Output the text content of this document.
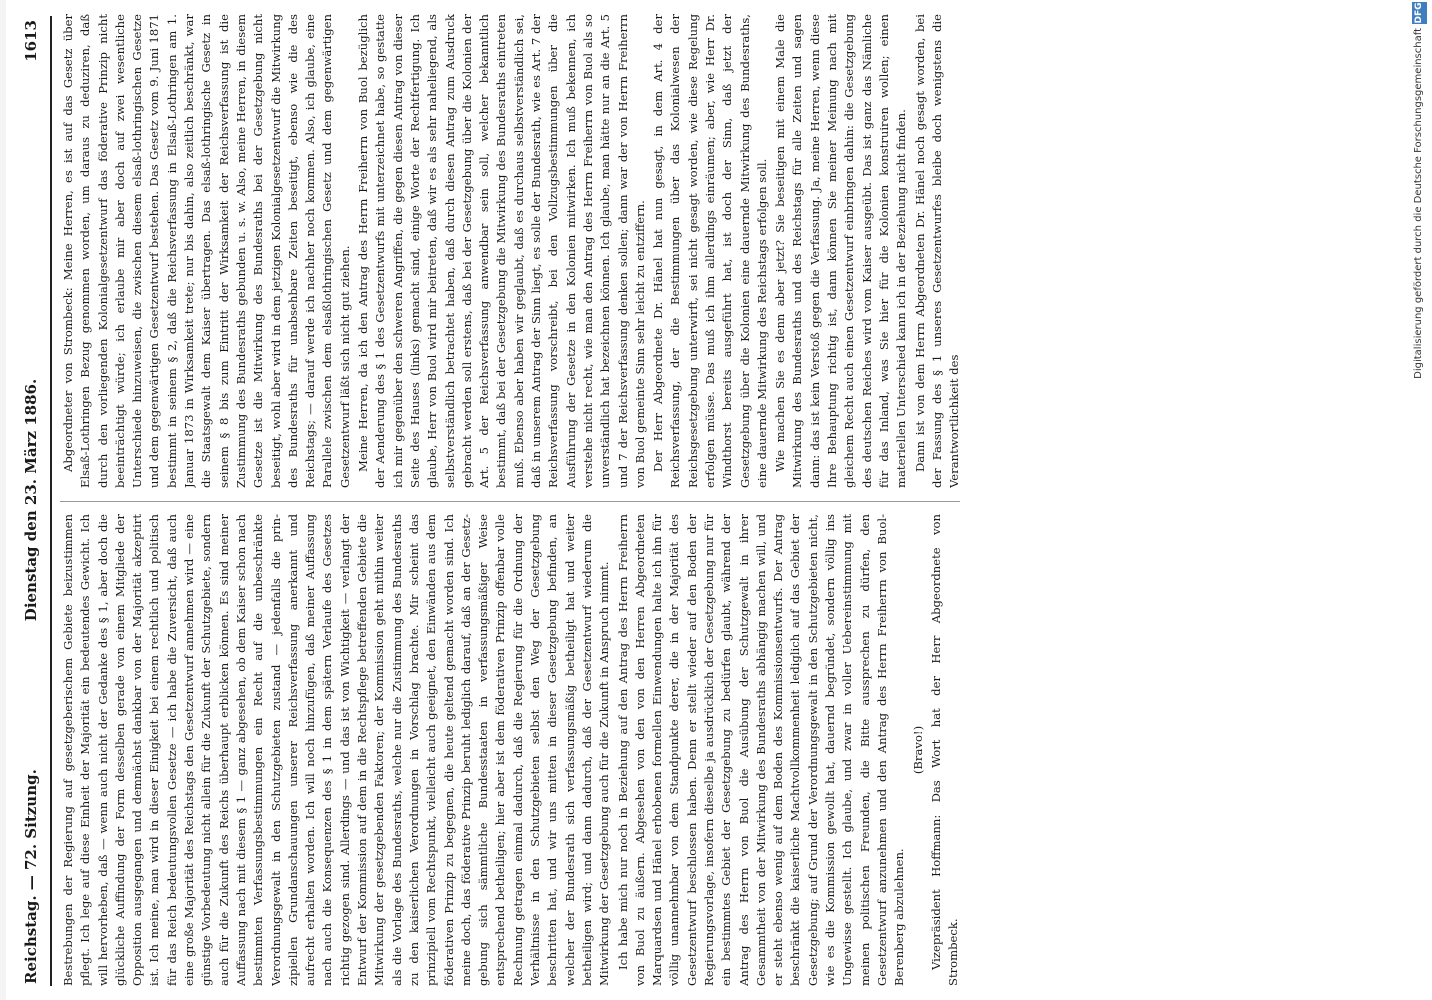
Reichstag. — 72. Sitzung.
Dienstag den 23. März 1886.
1613

Bestrebungen der Regierung auf gesetzgeberischem Gebiete beizustimmen pflegt. Ich lege auf diese Einheit der Majorität ein bedeutendes Gewicht. Ich will hervorheben, daß — wenn auch nicht der Gedanke des § 1, aber doch die glückliche Auffindung der Form desselben gerade von einem Mitgliede der Opposition ausgegangen und demnächst dankbar von der Majorität akzeptirt ist. Ich meine, man wird in dieser Einigkeit bei einem rechtlich und politisch für das Reich bedeutungsvollen Gesetze — ich habe die Zuversicht, daß auch eine große Majorität des Reichstags den Gesetzentwurf annehmen wird — eine günstige Vorbedeutung nicht allein für die Zukunft der Schutzgebiete, sondern auch für die Zukunft des Reichs überhaupt erblicken können. Es sind meiner Auffassung nach mit diesem § 1 — ganz abgesehen, ob dem Kaiser schon nach bestimmten Verfassungsbestimmungen ein Recht auf die unbeschränkte Verordnungsgewalt in den Schutzgebieten zustand — jedenfalls die prinzipiellen Grundanschauungen unserer Reichsverfassung anerkannt und aufrecht erhalten worden. Ich will noch hinzufügen, daß meiner Auffassung nach auch die Konsequenzen des § 1 in dem spätern Verlaufe des Gesetzes richtig gezogen sind. Allerdings — und das ist von Wichtigkeit — verlangt der Entwurf der Kommission auf dem in die Rechtspflege betreffenden Gebiete die Mitwirkung der gesetzgebenden Faktoren; der Kommission geht mithin weiter als die Vorlage des Bundesraths, welche nur die Zustimmung des Bundesraths zu den kaiserlichen Verordnungen in Vorschlag brachte. Mir scheint das prinzipiell vom Rechtspunkt, vielleicht auch geeignet, den Einwänden aus dem föderativen Prinzip zu begegnen, die heute geltend gemacht worden sind. Ich meine doch, das föderative Prinzip beruht lediglich darauf, daß an der Gesetzgebung sich sämmtliche Bundesstaaten in verfassungsmäßiger Weise entsprechend betheiligen; hier aber ist dem föderativen Prinzip offenbar volle Rechnung getragen einmal dadurch, daß die Regierung für die Ordnung der Verhältnisse in den Schutzgebieten selbst den Weg der Gesetzgebung beschritten hat, und wir uns mitten in dieser Gesetzgebung befinden, an welcher der Bundesrath sich verfassungsmäßig betheiligt hat und weiter betheiligen wird; und dann dadurch, daß der Gesetzentwurf wiederum die Mitwirkung der Gesetzgebung auch für die Zukunft in Anspruch nimmt. Ich habe mich nur noch in Beziehung auf den Antrag des Herrn Freiherrn von Buol zu äußern. Abgesehen von den von den Herren Abgeordneten Marquardsen und Hänel erhobenen formellen Einwendungen halte ich ihn für völlig unannehmbar von dem Standpunkte derer, die in der Majorität des Gesetzentwurf beschlossen haben. Denn er stellt wieder auf den Boden der Regierungsvorlage, insofern dieselbe ja ausdrücklich der Gesetzgebung nur für ein bestimmtes Gebiet der Gesetzgebung zu bedürfen glaubt, während der Antrag des Herrn von Buol die Ausübung der Schutzgewalt in ihrer Gesammtheit von der Mitwirkung des Bundesraths abhängig machen will, und er steht ebenso wenig auf dem Boden des Kommissionsentwurfs. Der Antrag beschränkt die kaiserliche Machtvollkommenheit lediglich auf das Gebiet der Gesetzgebung; auf Grund der Verordnungsgewalt in den Schutzgebieten nicht, wie es die Kommission gewollt hat, dauernd begründet, sondern völlig ins Ungewisse gestellt. Ich glaube, und zwar in voller Uebereinstimmung mit meinen politischen Freunden, die Bitte aussprechen zu dürfen, den Gesetzentwurf anzunehmen und den Antrag des Herrn Freiherrn von Buol-Berenberg abzulehnen.

(Bravo!) Vizepräsident Hoffmann: Das Wort hat der Herr Abgeordnete von Strombeck.

Abgeordneter von Strombeck: Meine Herren, es ist auf das Gesetz über Elsaß-Lothringen Bezug genommen worden, um daraus zu deduziren, daß durch den vorliegenden Kolonialgesetzentwurf das föderative Prinzip nicht beeinträchtigt würde; ich erlaube mir aber doch auf zwei wesentliche Unterschiede hinzuweisen, die zwischen diesem elsaß-lothringischen Gesetze und dem gegenwärtigen Gesetzentwurf bestehen. Das Gesetz vom 9. Juni 1871 bestimmt in seinem § 2, daß die Reichsverfassung in Elsaß-Lothringen am 1. Januar 1873 in Wirksamkeit trete; nur bis dahin, also zeitlich beschränkt, war die Staatsgewalt dem Kaiser übertragen. Das elsaß-lothringische Gesetz in seinem § 8 bis zum Eintritt der Wirksamkeit der Reichsverfassung ist die Zustimmung des Bundesraths gebunden u. s. w. Also, meine Herren, in diesem Gesetze ist die Mitwirkung des Bundesraths bei der Gesetzgebung nicht beseitigt, wohl aber wird in dem jetzigen Kolonialgesetzentwurf die Mitwirkung des Bundesraths für unabsehbare Zeiten beseitigt, ebenso wie die des Reichstags; — darauf werde ich nachher noch kommen. Also, ich glaube, eine Parallele zwischen dem elsaßlothringischen Gesetz und dem gegenwärtigen Gesetzentwurf läßt sich nicht gut ziehen. Meine Herren, da ich den Antrag des Herrn Freiherrn von Buol bezüglich der Aenderung des § 1 des Gesetzentwurfs mit unterzeichnet habe, so gestatte ich mir gegenüber den schweren Angriffen, die gegen diesen Antrag von dieser Seite des Hauses (links) gemacht sind, einige Worte der Rechtfertigung. Ich glaube, Herr von Buol wird mir beitreten, daß wir es als sehr naheliegend, als selbstverständlich betrachtet haben, daß durch diesen Antrag zum Ausdruck gebracht werden soll erstens, daß bei der Gesetzgebung über die Kolonien der Art. 5 der Reichsverfassung anwendbar sein soll, welcher bekanntlich bestimmt, daß bei der Gesetzgebung die Mitwirkung des Bundesraths eintreten muß. Ebenso aber haben wir geglaubt, daß es durchaus selbstverständlich sei, daß in unserem Antrag der Sinn liegt, es solle der Bundesrath, wie es Art. 7 der Reichsverfassung vorschreibt, bei den Vollzugsbestimmungen über die Ausführung der Gesetze in den Kolonien mitwirken. Ich muß bekennen, ich verstehe nicht recht, wie man den Antrag des Herrn Freiherrn von Buol als so unverständlich hat bezeichnen können. Ich glaube, man hätte nur an die Art. 5 und 7 der Reichsverfassung denken sollen; dann war der von Herrn Freiherrn von Buol gemeinte Sinn sehr leicht zu entziffern. Der Herr Abgeordnete Dr. Hänel hat nun gesagt, in dem Art. 4 der Reichsverfassung, der die Bestimmungen über das Kolonialwesen der Reichsgesetzgebung unterwirft, sei nicht gesagt worden, wie diese Regelung erfolgen müsse. Das muß ich ihm allerdings einräumen; aber, wie Herr Dr. Windthorst bereits ausgeführt hat, ist doch der Sinn, daß jetzt der Gesetzgebung über die Kolonien eine dauernde Mitwirkung des Bundesraths, eine dauernde Mitwirkung des Reichstags erfolgen soll. Wie machen Sie es denn aber jetzt? Sie beseitigen mit einem Male die Mitwirkung des Bundesraths und des Reichstags für alle Zeiten und sagen dann: das ist kein Verstoß gegen die Verfassung. Ja, meine Herren, wenn diese Ihre Behauptung richtig ist, dann können Sie meiner Meinung nach mit gleichem Recht auch einen Gesetzentwurf einbringen dahin: die Gesetzgebung des deutschen Reiches wird vom Kaiser ausgeübt. Das ist ganz das Nämliche für das Inland, was Sie hier für die Kolonien konstruiren wollen; einen materiellen Unterschied kann ich in der Beziehung nicht finden. Dann ist von dem Herrn Abgeordneten Dr. Hänel noch gesagt worden, bei der Fassung des § 1 unseres Gesetzentwurfes bleibe doch wenigstens die Verantwortlichkeit des

Digitalisierung gefördert durch die Deutsche Forschungsgemeinschaft
DFG
